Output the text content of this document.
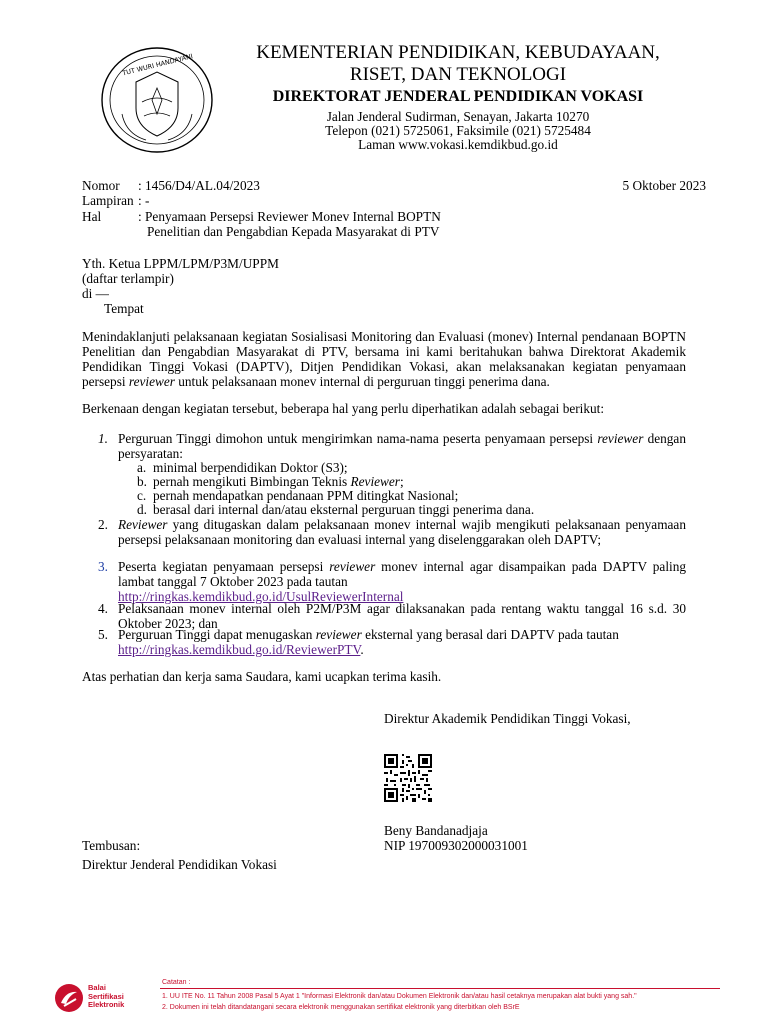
TUT WURI HANDAYANI	KEMENTERIAN PENDIDIKAN, KEBUDAYAAN,
RISET, DAN TEKNOLOGI
DIREKTORAT JENDERAL PENDIDIKAN VOKASI
Jalan Jenderal Sudirman, Senayan, Jakarta 10270
Telepon (021) 5725061, Faksimile (021) 5725484
Laman www.vokasi.kemdikbud.go.id
Nomor : 1456/D4/AL.04/2023	5 Oktober 2023
Lampiran : -
Hal	: Penyamaan Persepsi Reviewer Monev Internal BOPTN
Penelitian dan Pengabdian Kepada Masyarakat di PTV
Yth. Ketua LPPM/LPM/P3M/UPPM
(daftar terlampir)
di —
Tempat
Menindaklanjuti pelaksanaan kegiatan Sosialisasi Monitoring dan Evaluasi (monev) Internal pendanaan BOPTN Penelitian dan Pengabdian Masyarakat di PTV, bersama ini kami beritahukan bahwa Direktorat Akademik Pendidikan Tinggi Vokasi (DAPTV), Ditjen Pendidikan Vokasi, akan melaksanakan kegiatan penyamaan persepsi reviewer untuk pelaksanaan monev internal di perguruan tinggi penerima dana.
Berkenaan dengan kegiatan tersebut, beberapa hal yang perlu diperhatikan adalah sebagai berikut:
1. Perguruan Tinggi dimohon untuk mengirimkan nama-nama peserta penyamaan persepsi reviewer dengan persyaratan:
a. minimal berpendidikan Doktor (S3);
b. pernah mengikuti Bimbingan Teknis Reviewer;
c. pernah mendapatkan pendanaan PPM ditingkat Nasional;
d. berasal dari internal dan/atau eksternal perguruan tinggi penerima dana.
2. Reviewer yang ditugaskan dalam pelaksanaan monev internal wajib mengikuti pelaksanaan penyamaan persepsi pelaksanaan monitoring dan evaluasi internal yang diselenggarakan oleh DAPTV;
3. Peserta kegiatan penyamaan persepsi reviewer monev internal agar disampaikan pada DAPTV paling lambat tanggal 7 Oktober 2023 pada tautan
http://ringkas.kemdikbud.go.id/UsulReviewerInternal
4. Pelaksanaan monev internal oleh P2M/P3M agar dilaksanakan pada rentang waktu tanggal 16 s.d. 30 Oktober 2023; dan
5. Perguruan Tinggi dapat menugaskan reviewer eksternal yang berasal dari DAPTV pada tautan
http://ringkas.kemdikbud.go.id/ReviewerPTV.
Atas perhatian dan kerja sama Saudara, kami ucapkan terima kasih.
Direktur Akademik Pendidikan Tinggi Vokasi,
Beny Bandanadjaja
NIP 197009302000031001
Tembusan:
Direktur Jenderal Pendidikan Vokasi
Balai
Sertifikasi
Elektronik
Catatan :
1. UU ITE No. 11 Tahun 2008 Pasal 5 Ayat 1 "Informasi Elektronik dan/atau Dokumen Elektronik dan/atau hasil cetaknya merupakan alat bukti yang sah."
2. Dokumen ini telah ditandatangani secara elektronik menggunakan sertifikat elektronik yang diterbitkan oleh BSrE
